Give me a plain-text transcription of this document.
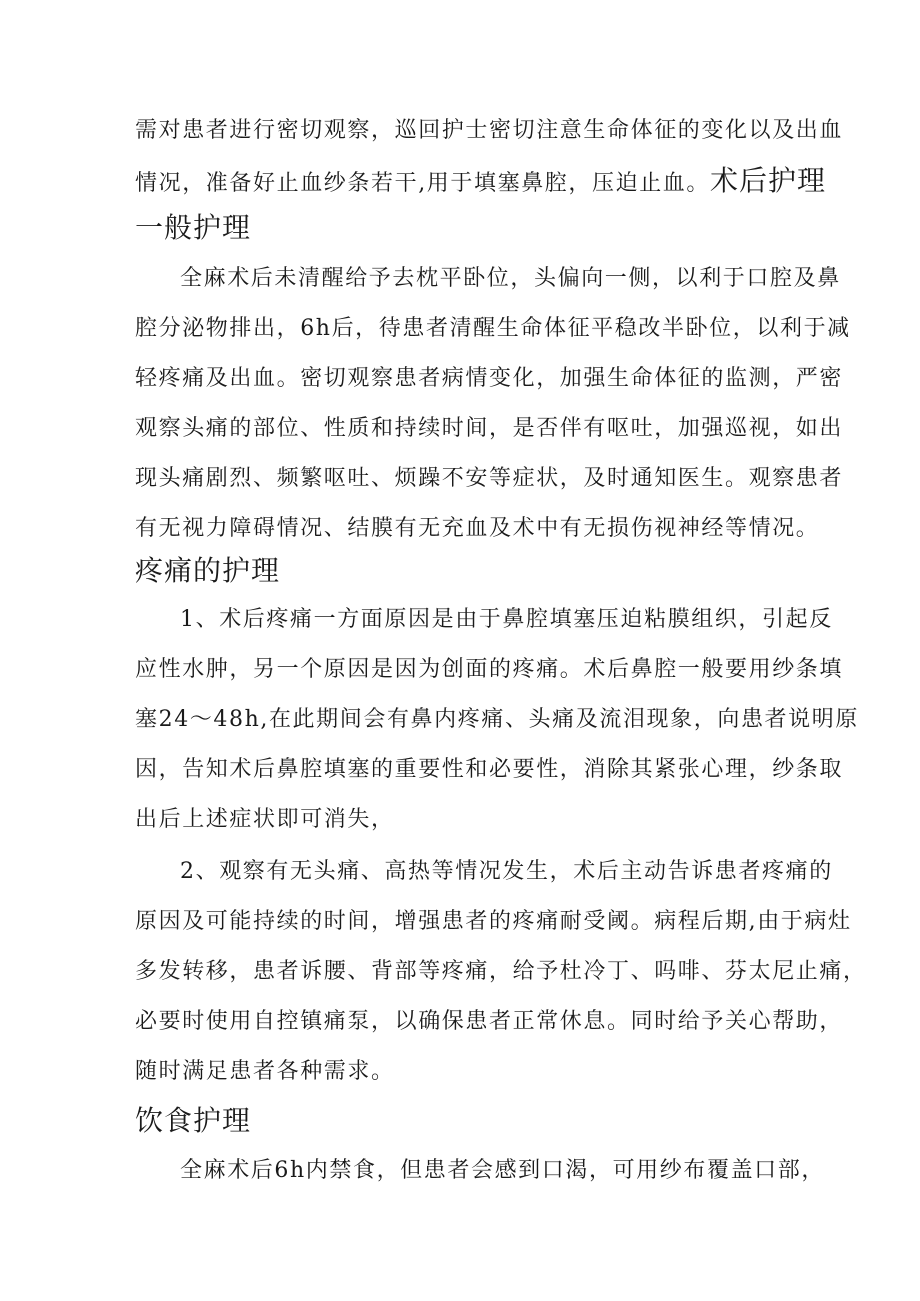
需对患者进行密切观察，巡回护士密切注意生命体征的变化以及出血
情况，准备好止血纱条若干,用于填塞鼻腔，压迫止血。术后护理
一般护理
全麻术后未清醒给予去枕平卧位，头偏向一侧，以利于口腔及鼻
腔分泌物排出，6h后，待患者清醒生命体征平稳改半卧位，以利于减
轻疼痛及出血。密切观察患者病情变化，加强生命体征的监测，严密
观察头痛的部位、性质和持续时间，是否伴有呕吐，加强巡视，如出
现头痛剧烈、频繁呕吐、烦躁不安等症状，及时通知医生。观察患者
有无视力障碍情况、结膜有无充血及术中有无损伤视神经等情况。
疼痛的护理
1、术后疼痛一方面原因是由于鼻腔填塞压迫粘膜组织，引起反
应性水肿，另一个原因是因为创面的疼痛。术后鼻腔一般要用纱条填
塞24〜48h,在此期间会有鼻内疼痛、头痛及流泪现象，向患者说明原
因，告知术后鼻腔填塞的重要性和必要性，消除其紧张心理，纱条取
出后上述症状即可消失，
2、观察有无头痛、高热等情况发生，术后主动告诉患者疼痛的
原因及可能持续的时间，增强患者的疼痛耐受阈。病程后期,由于病灶
多发转移，患者诉腰、背部等疼痛，给予杜冷丁、吗啡、芬太尼止痛，
必要时使用自控镇痛泵，以确保患者正常休息。同时给予关心帮助，
随时满足患者各种需求。
饮食护理
全麻术后6h内禁食，但患者会感到口渴，可用纱布覆盖口部，
